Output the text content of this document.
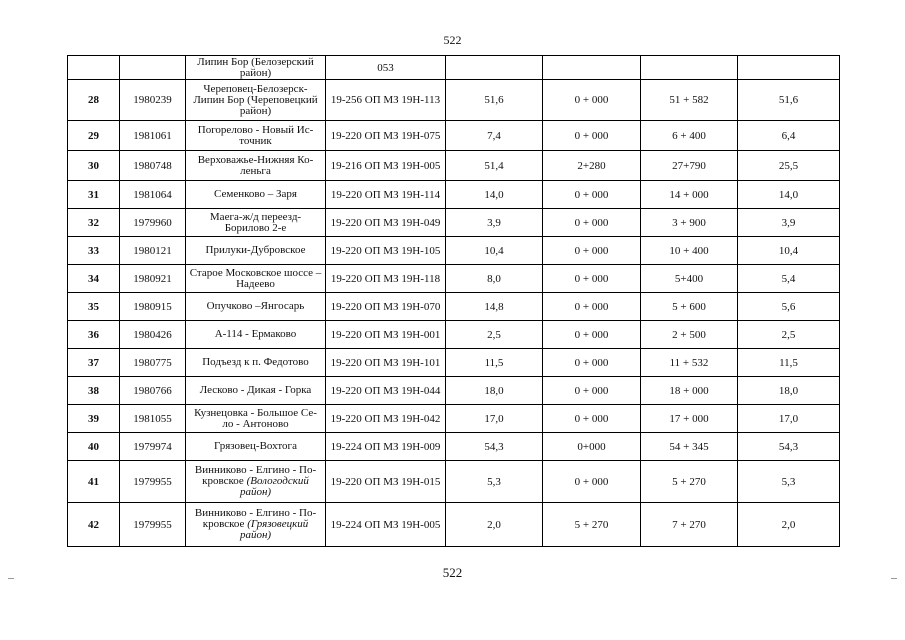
522
		Липин Бор (Белозерский район)	053				
28	1980239	Череповец-Белозерск-Липин Бор (Череповецкий район)	19-256 ОП МЗ 19Н-113	51,6	0 + 000	51 + 582	51,6
29	1981061	Погорелово - Новый Ис-точник	19-220 ОП МЗ 19Н-075	7,4	0 + 000	6 + 400	6,4
30	1980748	Верховажье-Нижняя Ко-леньга	19-216 ОП МЗ 19Н-005	51,4	2+280	27+790	25,5
31	1981064	Семенково – Заря	19-220 ОП МЗ 19Н-114	14,0	0 + 000	14 + 000	14,0
32	1979960	Маега-ж/д переезд-Борилово 2-е	19-220 ОП МЗ 19Н-049	3,9	0 + 000	3 + 900	3,9
33	1980121	Прилуки-Дубровское	19-220 ОП МЗ 19Н-105	10,4	0 + 000	10 + 400	10,4
34	1980921	Старое Московское шоссе – Надеево	19-220 ОП МЗ 19Н-118	8,0	0 + 000	5+400	5,4
35	1980915	Опучково –Янгосарь	19-220 ОП МЗ 19Н-070	14,8	0 + 000	5 + 600	5,6
36	1980426	А-114 - Ермаково	19-220 ОП МЗ 19Н-001	2,5	0 + 000	2 + 500	2,5
37	1980775	Подъезд к п. Федотово	19-220 ОП МЗ 19Н-101	11,5	0 + 000	11 + 532	11,5
38	1980766	Лесково - Дикая - Горка	19-220 ОП МЗ 19Н-044	18,0	0 + 000	18 + 000	18,0
39	1981055	Кузнецовка - Большое Се-ло - Антоново	19-220 ОП МЗ 19Н-042	17,0	0 + 000	17 + 000	17,0
40	1979974	Грязовец-Вохтога	19-224 ОП МЗ 19Н-009	54,3	0+000	54 + 345	54,3
41	1979955	Винниково - Елгино - По-кровское (Вологодский район)	19-220 ОП МЗ 19Н-015	5,3	0 + 000	5 + 270	5,3
42	1979955	Винниково - Елгино - По-кровское (Грязовецкий район)	19-224 ОП МЗ 19Н-005	2,0	5 + 270	7 + 270	2,0
522
